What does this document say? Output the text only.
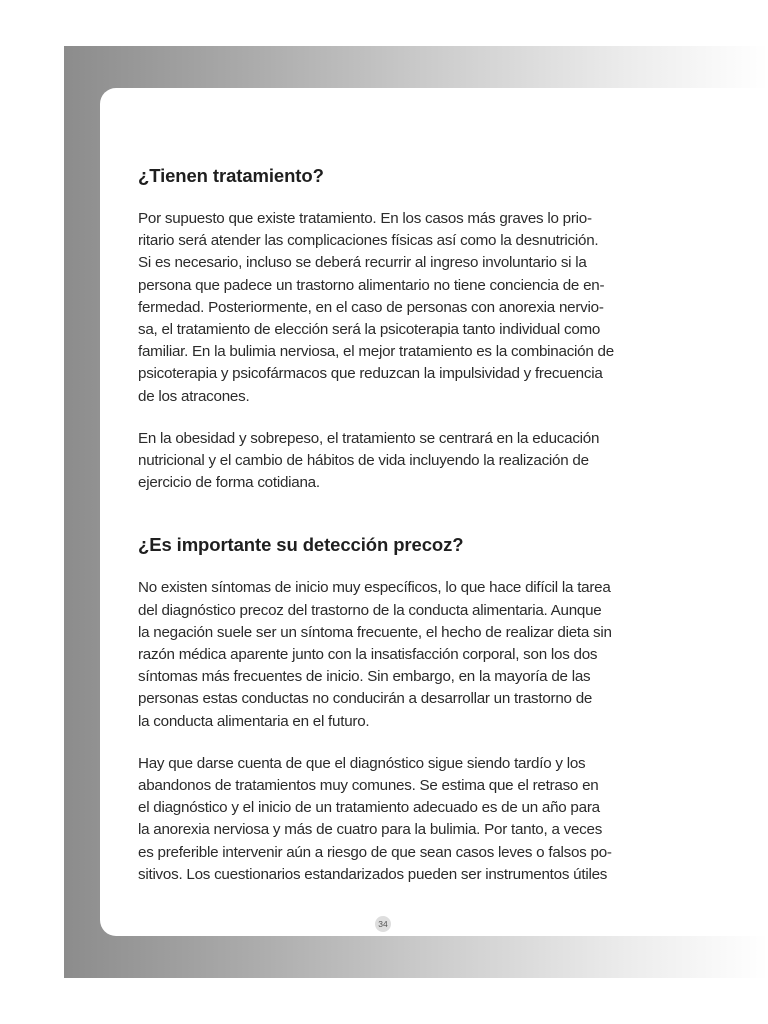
¿Tienen tratamiento?

Por supuesto que existe tratamiento. En los casos más graves lo prio-
ritario será atender las complicaciones físicas así como la desnutrición.
Si es necesario, incluso se deberá recurrir al ingreso involuntario si la
persona que padece un trastorno alimentario no tiene conciencia de en-
fermedad. Posteriormente, en el caso de personas con anorexia nervio-
sa, el tratamiento de elección será la psicoterapia tanto individual como
familiar. En la bulimia nerviosa, el mejor tratamiento es la combinación de
psicoterapia y psicofármacos que reduzcan la impulsividad y frecuencia
de los atracones.

En la obesidad y sobrepeso, el tratamiento se centrará en la educación
nutricional y el cambio de hábitos de vida incluyendo la realización de
ejercicio de forma cotidiana.

¿Es importante su detección precoz?

No existen síntomas de inicio muy específicos, lo que hace difícil la tarea
del diagnóstico precoz del trastorno de la conducta alimentaria. Aunque
la negación suele ser un síntoma frecuente, el hecho de realizar dieta sin
razón médica aparente junto con la insatisfacción corporal, son los dos
síntomas más frecuentes de inicio. Sin embargo, en la mayoría de las
personas estas conductas no conducirán a desarrollar un trastorno de
la conducta alimentaria en el futuro.

Hay que darse cuenta de que el diagnóstico sigue siendo tardío y los
abandonos de tratamientos muy comunes. Se estima que el retraso en
el diagnóstico y el inicio de un tratamiento adecuado es de un año para
la anorexia nerviosa y más de cuatro para la bulimia. Por tanto, a veces
es preferible intervenir aún a riesgo de que sean casos leves o falsos po-
sitivos. Los cuestionarios estandarizados pueden ser instrumentos útiles

34
